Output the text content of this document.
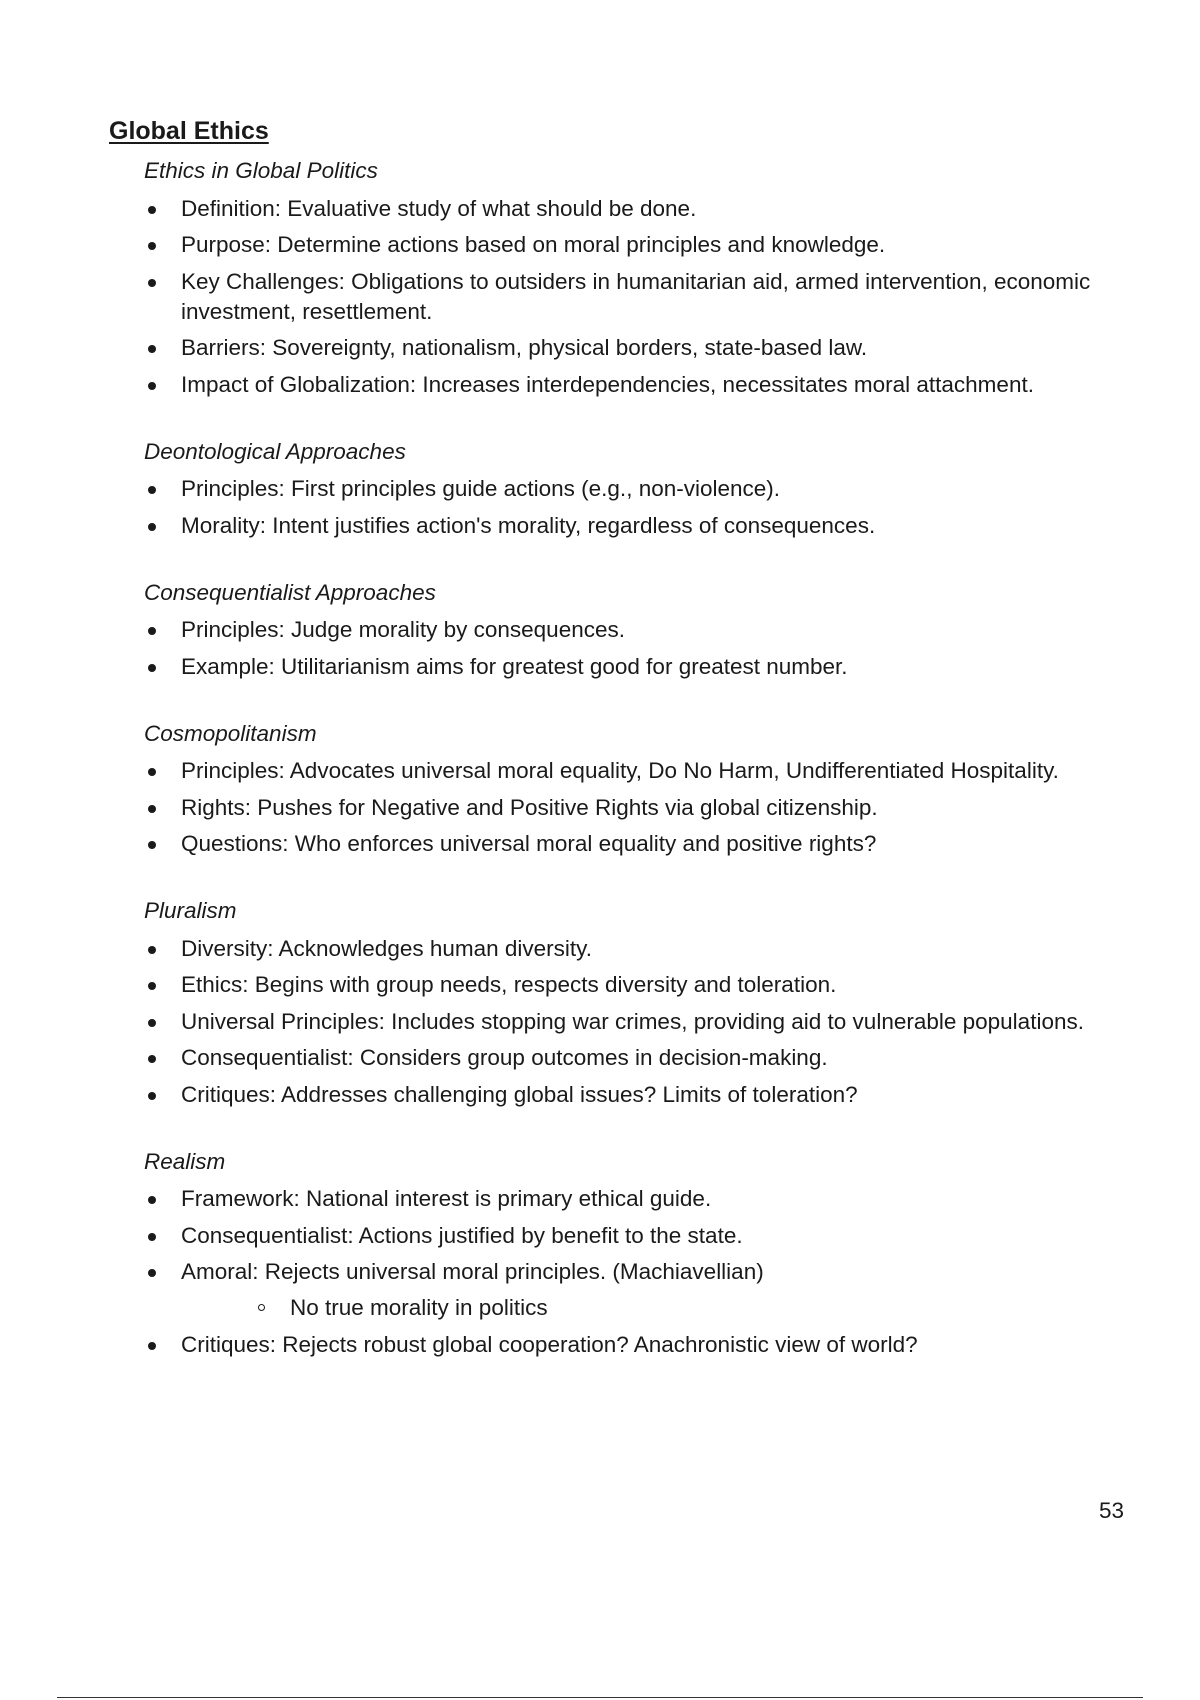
Global Ethics
Ethics in Global Politics
Definition: Evaluative study of what should be done.
Purpose: Determine actions based on moral principles and knowledge.
Key Challenges: Obligations to outsiders in humanitarian aid, armed intervention, economic investment, resettlement.
Barriers: Sovereignty, nationalism, physical borders, state-based law.
Impact of Globalization: Increases interdependencies, necessitates moral attachment.
Deontological Approaches
Principles: First principles guide actions (e.g., non-violence).
Morality: Intent justifies action's morality, regardless of consequences.
Consequentialist Approaches
Principles: Judge morality by consequences.
Example: Utilitarianism aims for greatest good for greatest number.
Cosmopolitanism
Principles: Advocates universal moral equality, Do No Harm, Undifferentiated Hospitality.
Rights: Pushes for Negative and Positive Rights via global citizenship.
Questions: Who enforces universal moral equality and positive rights?
Pluralism
Diversity: Acknowledges human diversity.
Ethics: Begins with group needs, respects diversity and toleration.
Universal Principles: Includes stopping war crimes, providing aid to vulnerable populations.
Consequentialist: Considers group outcomes in decision-making.
Critiques: Addresses challenging global issues? Limits of toleration?
Realism
Framework: National interest is primary ethical guide.
Consequentialist: Actions justified by benefit to the state.
Amoral: Rejects universal moral principles. (Machiavellian)
No true morality in politics
Critiques: Rejects robust global cooperation? Anachronistic view of world?
53
